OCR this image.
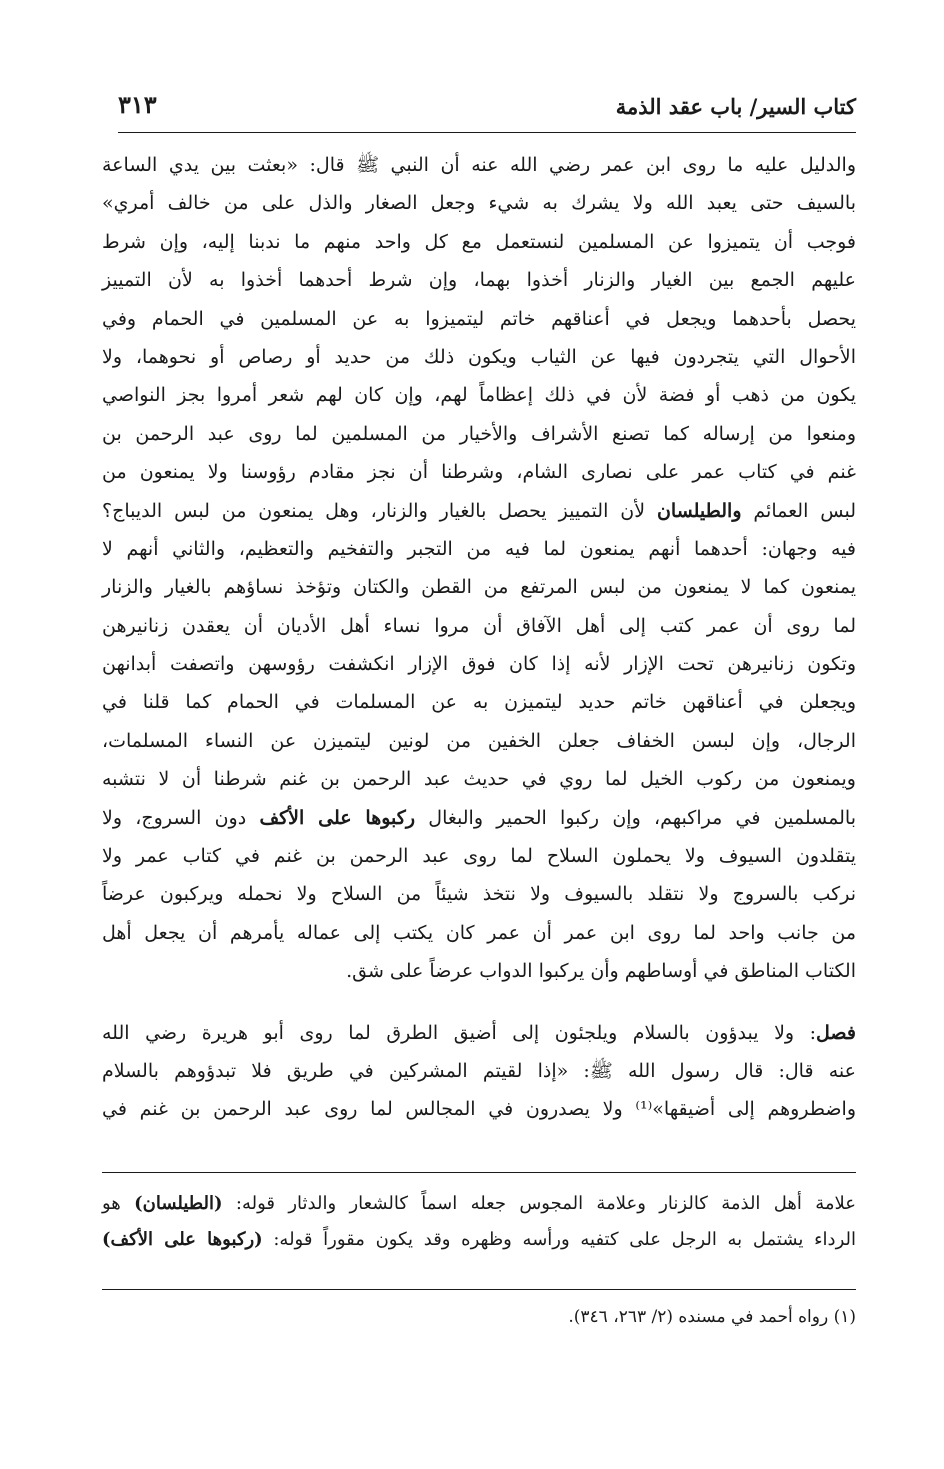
كتاب السير/ باب عقد الذمة
٣١٣
والدليل عليه ما روى ابن عمر رضي الله عنه أن النبي ﷺ قال: «بعثت بين يدي الساعة
بالسيف حتى يعبد الله ولا يشرك به شيء وجعل الصغار والذل على من خالف أمري»
فوجب أن يتميزوا عن المسلمين لنستعمل مع كل واحد منهم ما ندبنا إليه، وإن شرط
عليهم الجمع بين الغيار والزنار أخذوا بهما، وإن شرط أحدهما أخذوا به لأن التمييز
يحصل بأحدهما ويجعل في أعناقهم خاتم ليتميزوا به عن المسلمين في الحمام وفي
الأحوال التي يتجردون فيها عن الثياب ويكون ذلك من حديد أو رصاص أو نحوهما، ولا
يكون من ذهب أو فضة لأن في ذلك إعظاماً لهم، وإن كان لهم شعر أمروا بجز النواصي
ومنعوا من إرساله كما تصنع الأشراف والأخيار من المسلمين لما روى عبد الرحمن بن
غنم في كتاب عمر على نصارى الشام، وشرطنا أن نجز مقادم رؤوسنا ولا يمنعون من
لبس العمائم والطيلسان لأن التمييز يحصل بالغيار والزنار، وهل يمنعون من لبس الديباج؟
فيه وجهان: أحدهما أنهم يمنعون لما فيه من التجبر والتفخيم والتعظيم، والثاني أنهم لا
يمنعون كما لا يمنعون من لبس المرتفع من القطن والكتان وتؤخذ نساؤهم بالغيار والزنار
لما روى أن عمر كتب إلى أهل الآفاق أن مروا نساء أهل الأديان أن يعقدن زنانيرهن
وتكون زنانيرهن تحت الإزار لأنه إذا كان فوق الإزار انكشفت رؤوسهن واتصفت أبدانهن
ويجعلن في أعناقهن خاتم حديد ليتميزن به عن المسلمات في الحمام كما قلنا في
الرجال، وإن لبسن الخفاف جعلن الخفين من لونين ليتميزن عن النساء المسلمات،
ويمنعون من ركوب الخيل لما روي في حديث عبد الرحمن بن غنم شرطنا أن لا نتشبه
بالمسلمين في مراكبهم، وإن ركبوا الحمير والبغال ركبوها على الأكف دون السروج، ولا
يتقلدون السيوف ولا يحملون السلاح لما روى عبد الرحمن بن غنم في كتاب عمر ولا
نركب بالسروج ولا نتقلد بالسيوف ولا نتخذ شيئاً من السلاح ولا نحمله ويركبون عرضاً
من جانب واحد لما روى ابن عمر أن عمر كان يكتب إلى عماله يأمرهم أن يجعل أهل
الكتاب المناطق في أوساطهم وأن يركبوا الدواب عرضاً على شق.
فصل: ولا يبدؤون بالسلام ويلجئون إلى أضيق الطرق لما روى أبو هريرة رضي الله
عنه قال: قال رسول الله ﷺ: «إذا لقيتم المشركين في طريق فلا تبدؤوهم بالسلام
واضطروهم إلى أضيقها»⁽¹⁾ ولا يصدرون في المجالس لما روى عبد الرحمن بن غنم في
علامة أهل الذمة كالزنار وعلامة المجوس جعله اسماً كالشعار والدثار قوله: (الطيلسان) هو
الرداء يشتمل به الرجل على كتفيه ورأسه وظهره وقد يكون مقوراً قوله: (ركبوها على الأكف)
(١) رواه أحمد في مسنده (٢/ ٢٦٣، ٣٤٦).
